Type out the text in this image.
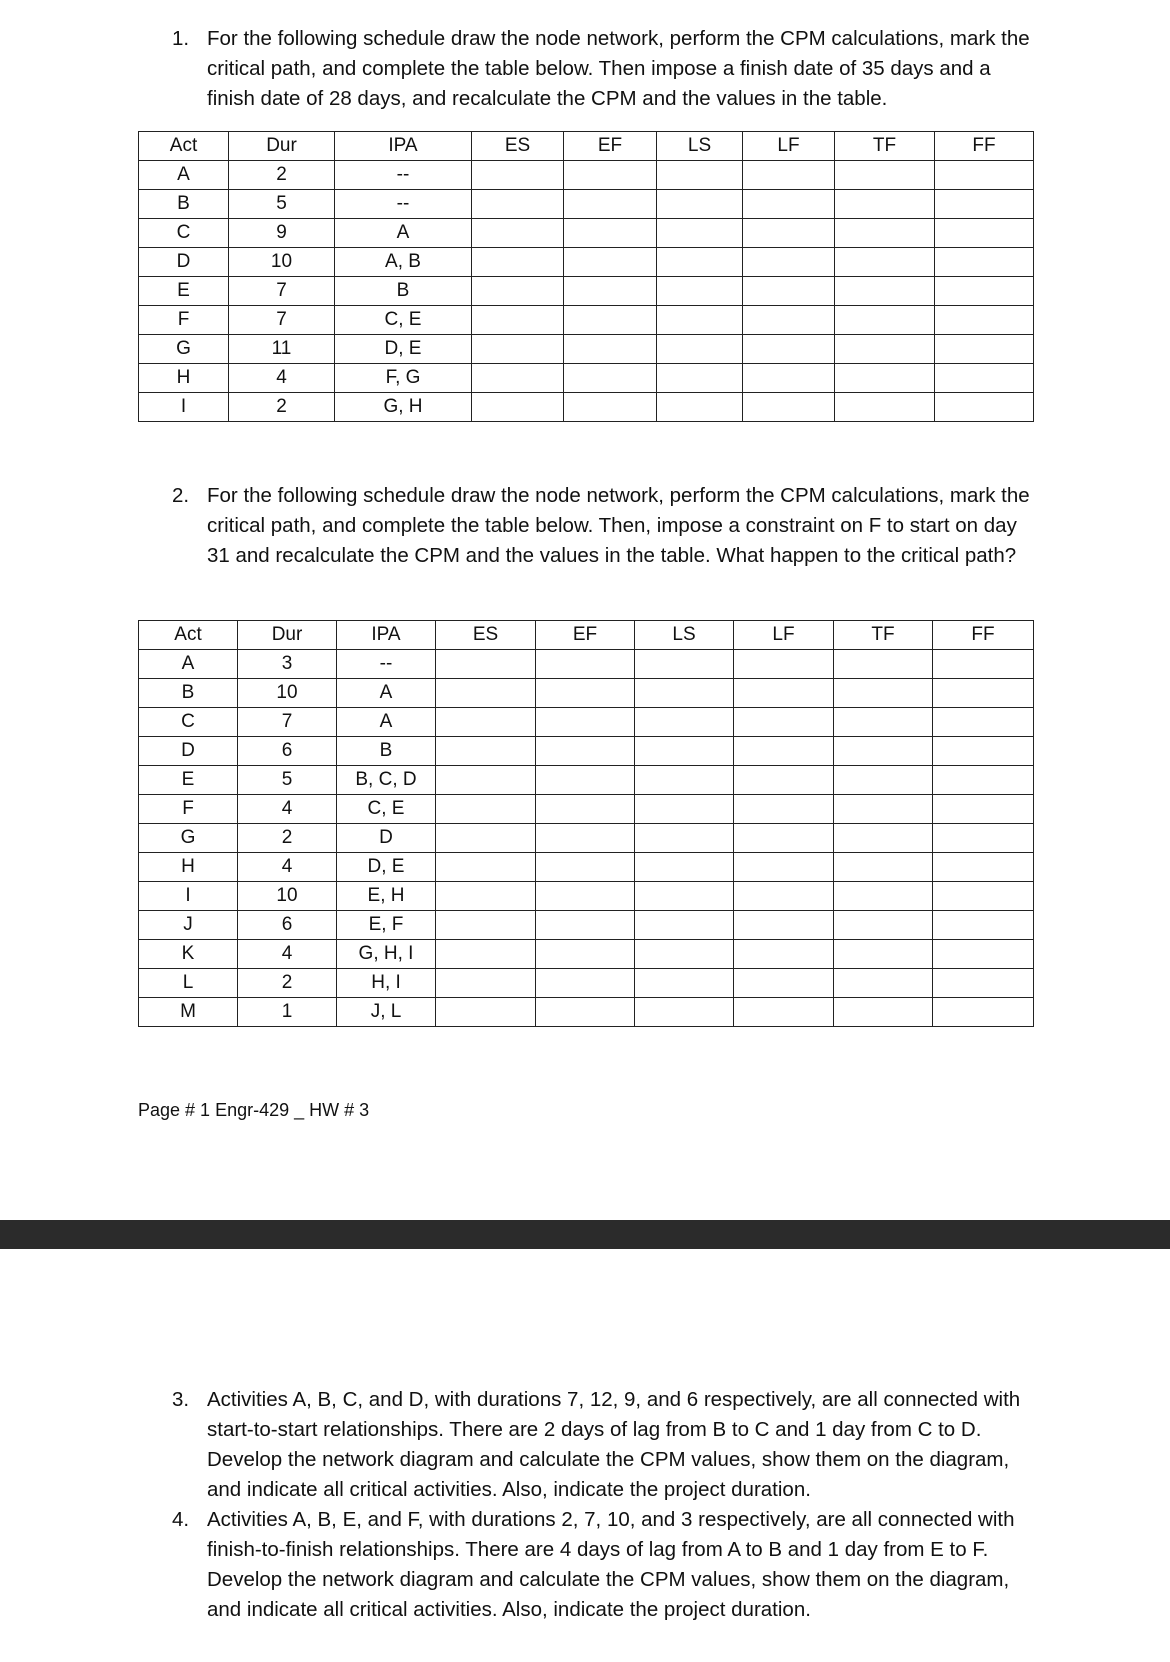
1. For the following schedule draw the node network, perform the CPM calculations, mark the critical path, and complete the table below. Then impose a finish date of 35 days and a finish date of 28 days, and recalculate the CPM and the values in the table.
Act	Dur	IPA	ES	EF	LS	LF	TF	FF
A	2	--						
B	5	--						
C	9	A						
D	10	A, B						
E	7	B						
F	7	C, E						
G	11	D, E						
H	4	F, G						
I	2	G, H						
2. For the following schedule draw the node network, perform the CPM calculations, mark the critical path, and complete the table below. Then, impose a constraint on F to start on day 31 and recalculate the CPM and the values in the table. What happen to the critical path?
Act	Dur	IPA	ES	EF	LS	LF	TF	FF
A	3	--						
B	10	A						
C	7	A						
D	6	B						
E	5	B, C, D						
F	4	C, E						
G	2	D						
H	4	D, E						
I	10	E, H						
J	6	E, F						
K	4	G, H, I						
L	2	H, I						
M	1	J, L						
Page # 1 Engr-429 _ HW # 3
3. Activities A, B, C, and D, with durations 7, 12, 9, and 6 respectively, are all connected with start-to-start relationships. There are 2 days of lag from B to C and 1 day from C to D. Develop the network diagram and calculate the CPM values, show them on the diagram, and indicate all critical activities. Also, indicate the project duration.
4. Activities A, B, E, and F, with durations 2, 7, 10, and 3 respectively, are all connected with finish-to-finish relationships. There are 4 days of lag from A to B and 1 day from E to F. Develop the network diagram and calculate the CPM values, show them on the diagram, and indicate all critical activities. Also, indicate the project duration.
